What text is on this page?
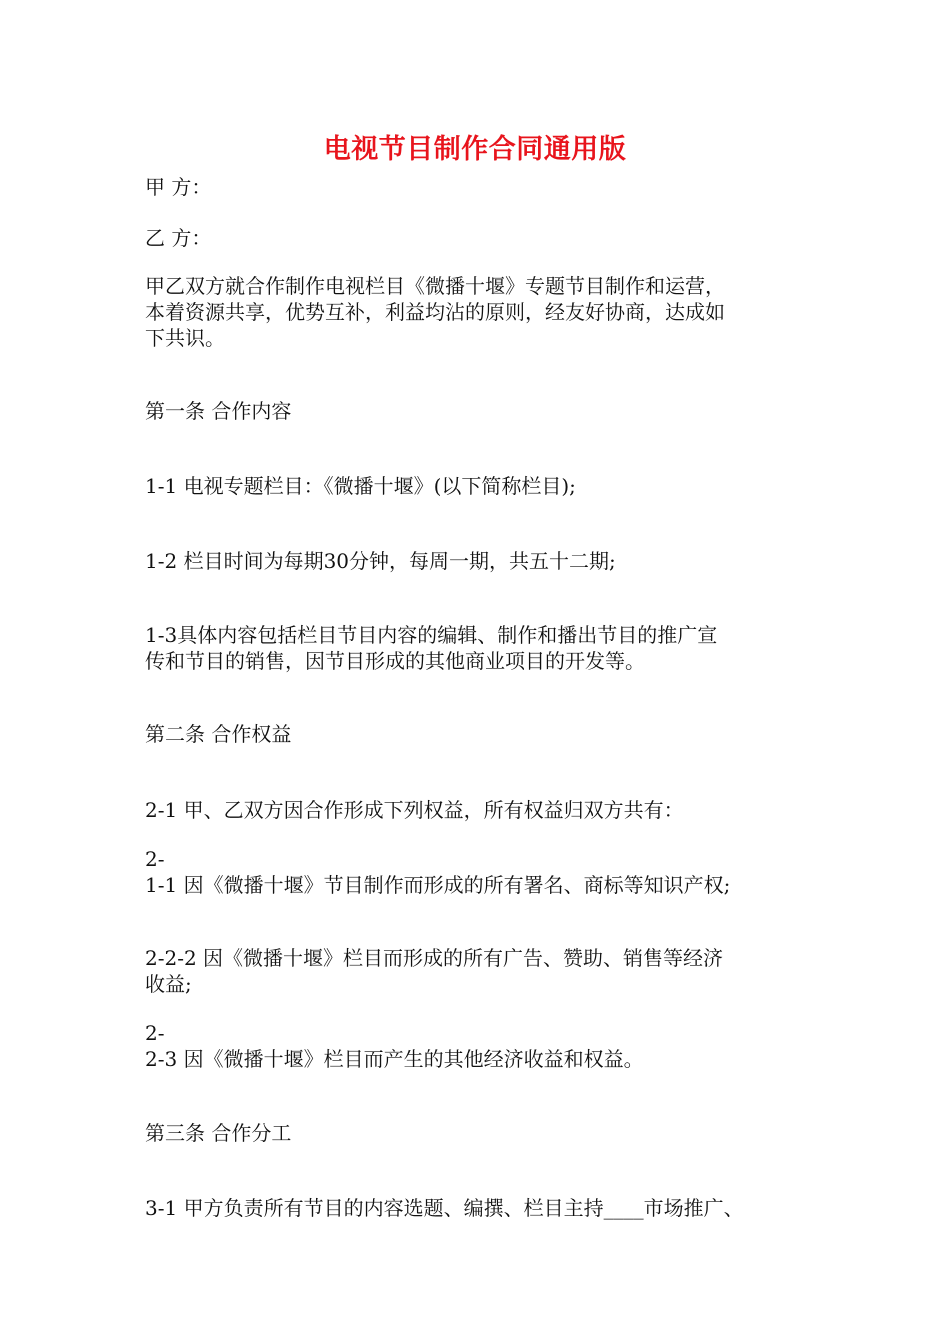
电视节目制作合同通用版
甲 方：
乙 方：
甲乙双方就合作制作电视栏目《微播十堰》专题节目制作和运营，
本着资源共享，优势互补，利益均沾的原则，经友好协商，达成如
下共识。
第一条 合作内容
1-1 电视专题栏目：《微播十堰》(以下简称栏目);
1-2 栏目时间为每期30分钟，每周一期，共五十二期;
1-3具体内容包括栏目节目内容的编辑、制作和播出节目的推广宣
传和节目的销售，因节目形成的其他商业项目的开发等。
第二条 合作权益
2-1 甲、乙双方因合作形成下列权益，所有权益归双方共有：
2-
1-1 因《微播十堰》节目制作而形成的所有署名、商标等知识产权;
2-2-2 因《微播十堰》栏目而形成的所有广告、赞助、销售等经济
收益;
2-
2-3 因《微播十堰》栏目而产生的其他经济收益和权益。
第三条 合作分工
3-1 甲方负责所有节目的内容选题、编撰、栏目主持____市场推广、
